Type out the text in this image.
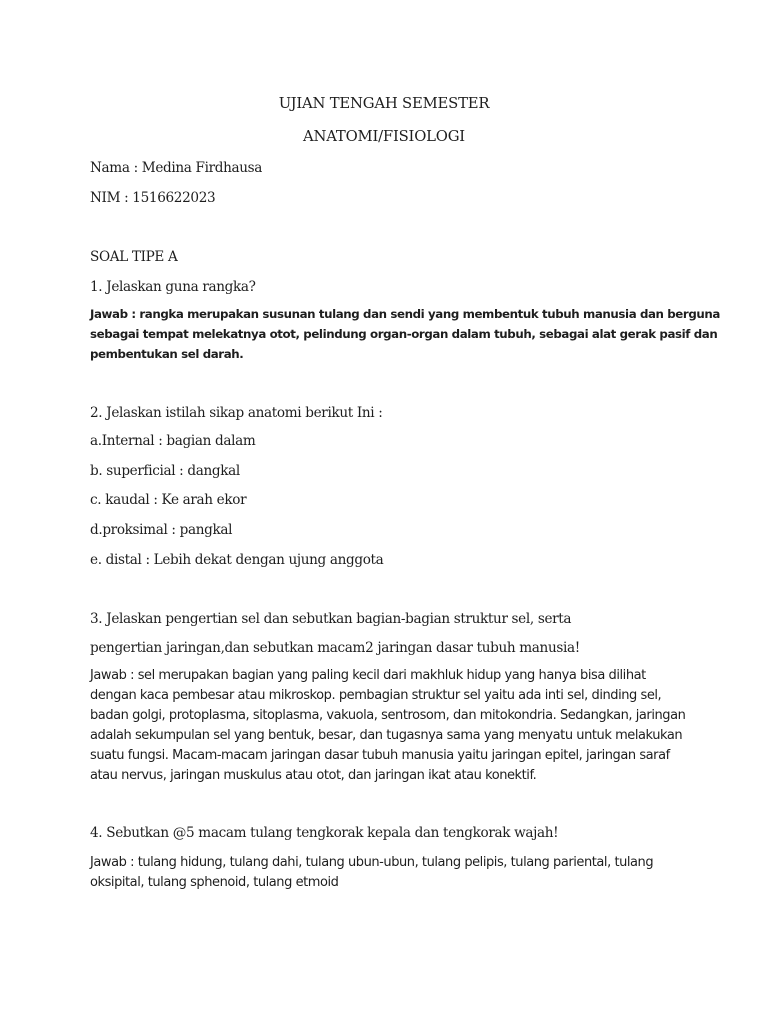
UJIAN TENGAH SEMESTER
ANATOMI/FISIOLOGI
Nama : Medina Firdhausa
NIM : 1516622023
SOAL TIPE A
1. Jelaskan guna rangka?
Jawab : rangka merupakan susunan tulang dan sendi yang membentuk tubuh manusia dan berguna
sebagai tempat melekatnya otot, pelindung organ-organ dalam tubuh, sebagai alat gerak pasif dan
pembentukan sel darah.
2. Jelaskan istilah sikap anatomi berikut Ini :
a.Internal : bagian dalam
b. superficial : dangkal
c. kaudal : Ke arah ekor
d.proksimal : pangkal
e. distal : Lebih dekat dengan ujung anggota
3. Jelaskan pengertian sel dan sebutkan bagian-bagian struktur sel, serta
pengertian jaringan,dan sebutkan macam2 jaringan dasar tubuh manusia!
Jawab : sel merupakan bagian yang paling kecil dari makhluk hidup yang hanya bisa dilihat dengan kaca pembesar atau mikroskop. pembagian struktur sel yaitu ada inti sel, dinding sel, badan golgi, protoplasma, sitoplasma, vakuola, sentrosom, dan mitokondria. Sedangkan, jaringan adalah sekumpulan sel yang bentuk, besar, dan tugasnya sama yang menyatu untuk melakukan suatu fungsi. Macam-macam jaringan dasar tubuh manusia yaitu jaringan epitel, jaringan saraf atau nervus, jaringan muskulus atau otot, dan jaringan ikat atau konektif.
4. Sebutkan @5 macam tulang tengkorak kepala dan tengkorak wajah!
Jawab : tulang hidung, tulang dahi, tulang ubun-ubun, tulang pelipis, tulang pariental, tulang oksipital, tulang sphenoid, tulang etmoid
